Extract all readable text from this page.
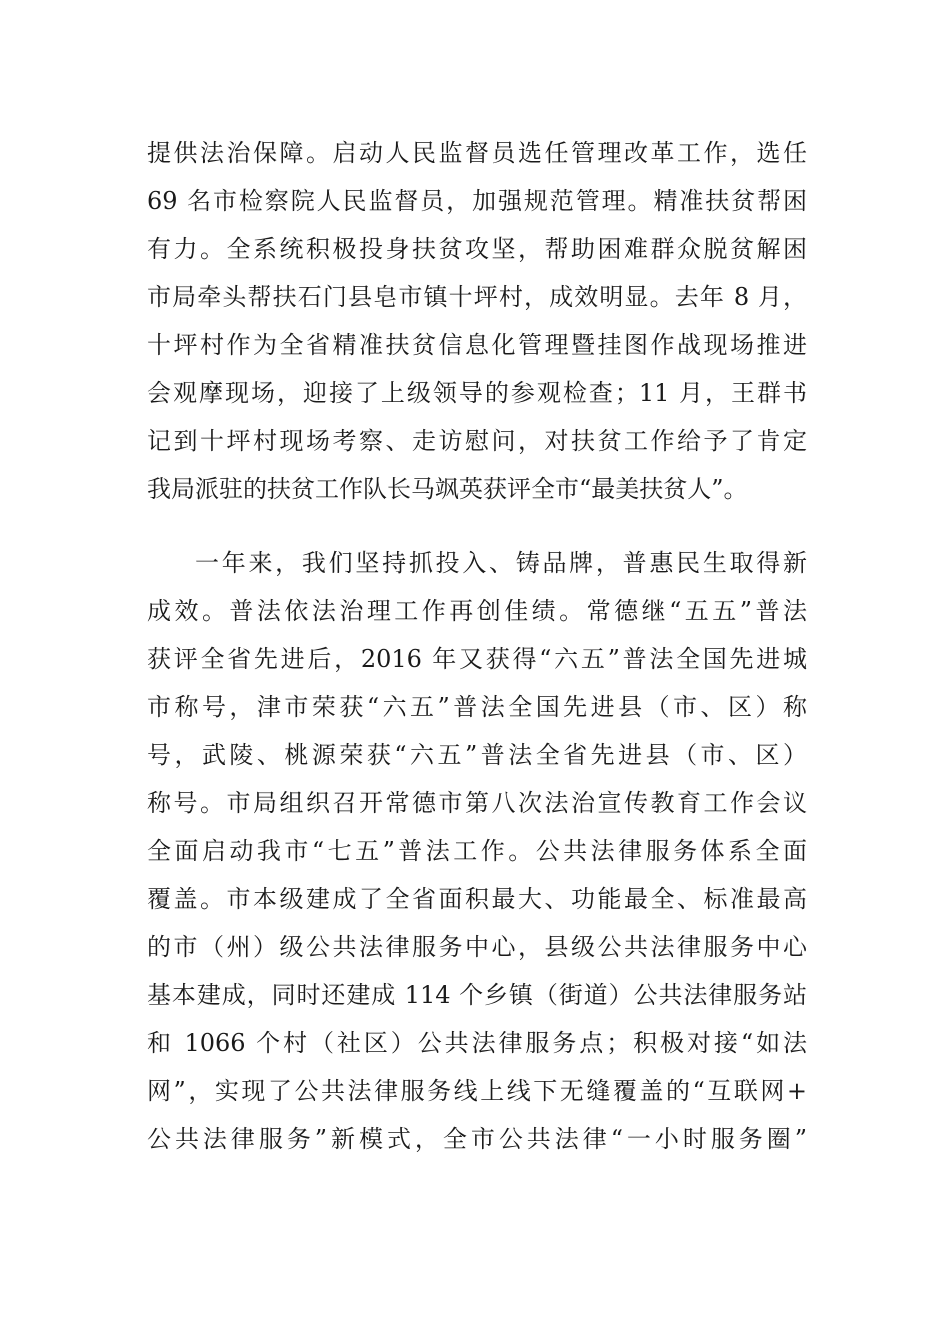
提供法治保障。启动人民监督员选任管理改革工作，选任
69 名市检察院人民监督员，加强规范管理。精准扶贫帮困
有力。全系统积极投身扶贫攻坚，帮助困难群众脱贫解困
市局牵头帮扶石门县皂市镇十坪村，成效明显。去年 8 月，
十坪村作为全省精准扶贫信息化管理暨挂图作战现场推进
会观摩现场，迎接了上级领导的参观检查；11 月，王群书
记到十坪村现场考察、走访慰问，对扶贫工作给予了肯定
我局派驻的扶贫工作队长马飒英获评全市“最美扶贫人”。
一年来，我们坚持抓投入、铸品牌，普惠民生取得新
成效。普法依法治理工作再创佳绩。常德继“五五”普法
获评全省先进后，2016 年又获得“六五”普法全国先进城
市称号，津市荣获“六五”普法全国先进县（市、区）称
号，武陵、桃源荣获“六五”普法全省先进县（市、区）
称号。市局组织召开常德市第八次法治宣传教育工作会议
全面启动我市“七五”普法工作。公共法律服务体系全面
覆盖。市本级建成了全省面积最大、功能最全、标准最高
的市（州）级公共法律服务中心，县级公共法律服务中心
基本建成，同时还建成 114 个乡镇（街道）公共法律服务站
和 1066 个村（社区）公共法律服务点；积极对接“如法
网”，实现了公共法律服务线上线下无缝覆盖的“互联网+
公共法律服务”新模式，全市公共法律“一小时服务圈”
